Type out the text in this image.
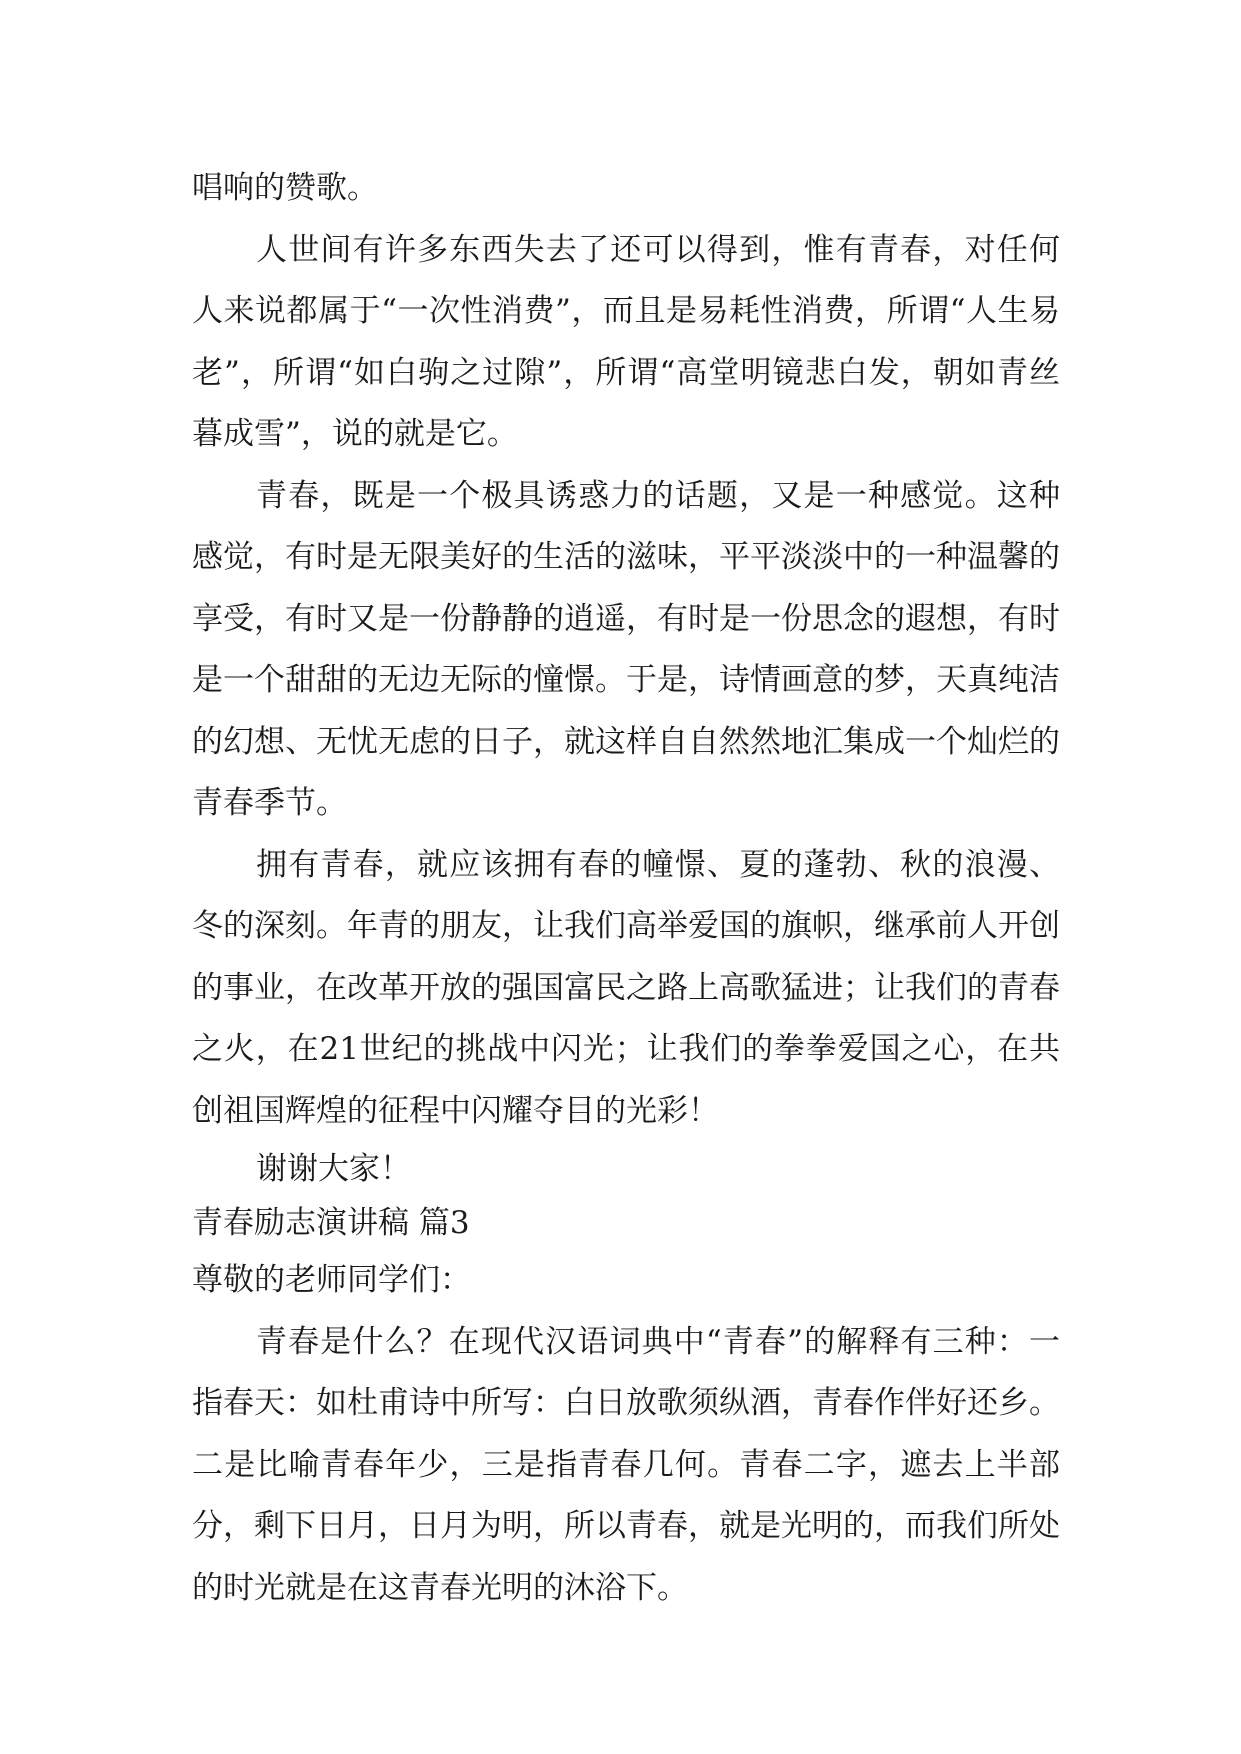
唱响的赞歌。

人世间有许多东西失去了还可以得到，惟有青春，对任何人来说都属于“一次性消费”，而且是易耗性消费，所谓“人生易老”，所谓“如白驹之过隙”，所谓“高堂明镜悲白发，朝如青丝暮成雪”，说的就是它。

青春，既是一个极具诱惑力的话题，又是一种感觉。这种感觉，有时是无限美好的生活的滋味，平平淡淡中的一种温馨的享受，有时又是一份静静的逍遥，有时是一份思念的遐想，有时是一个甜甜的无边无际的憧憬。于是，诗情画意的梦，天真纯洁的幻想、无忧无虑的日子，就这样自自然然地汇集成一个灿烂的青春季节。

拥有青春，就应该拥有春的幢憬、夏的蓬勃、秋的浪漫、冬的深刻。年青的朋友，让我们高举爱国的旗帜，继承前人开创的事业，在改革开放的强国富民之路上高歌猛进；让我们的青春之火，在21世纪的挑战中闪光；让我们的拳拳爱国之心，在共创祖国辉煌的征程中闪耀夺目的光彩！

谢谢大家！

青春励志演讲稿 篇3

尊敬的老师同学们：

青春是什么？在现代汉语词典中“青春”的解释有三种：一指春天：如杜甫诗中所写：白日放歌须纵酒，青春作伴好还乡。二是比喻青春年少，三是指青春几何。青春二字，遮去上半部分，剩下日月，日月为明，所以青春，就是光明的，而我们所处的时光就是在这青春光明的沐浴下。
